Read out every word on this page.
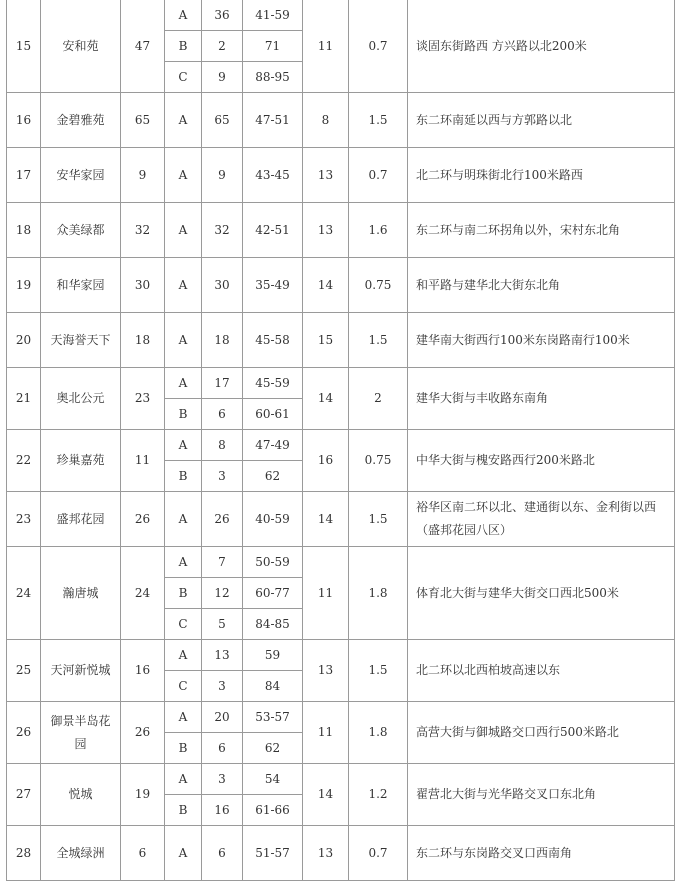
15	安和苑	47	A	36	41-59	11	0.7	谈固东街路西 方兴路以北200米
			B	2	71			
			C	9	88-95			
16	金碧雅苑	65	A	65	47-51	8	1.5	东二环南延以西与方郭路以北
17	安华家园	9	A	9	43-45	13	0.7	北二环与明珠街北行100米路西
18	众美绿都	32	A	32	42-51	13	1.6	东二环与南二环拐角以外，宋村东北角
19	和华家园	30	A	30	35-49	14	0.75	和平路与建华北大街东北角
20	天海誉天下	18	A	18	45-58	15	1.5	建华南大街西行100米东岗路南行100米
21	奥北公元	23	A	17	45-59	14	2	建华大街与丰收路东南角
			B	6	60-61			
22	珍巢嘉苑	11	A	8	47-49	16	0.75	中华大街与槐安路西行200米路北
			B	3	62			
23	盛邦花园	26	A	26	40-59	14	1.5	裕华区南二环以北、建通街以东、金利街以西（盛邦花园八区）
24	瀚唐城	24	A	7	50-59	11	1.8	体育北大街与建华大街交口西北500米
			B	12	60-77			
			C	5	84-85			
25	天河新悦城	16	A	13	59	13	1.5	北二环以北西柏坡高速以东
			C	3	84			
26	御景半岛花园	26	A	20	53-57	11	1.8	高营大街与御城路交口西行500米路北
			B	6	62			
27	悦城	19	A	3	54	14	1.2	翟营北大街与光华路交叉口东北角
			B	16	61-66			
28	全城绿洲	6	A	6	51-57	13	0.7	东二环与东岗路交叉口西南角
